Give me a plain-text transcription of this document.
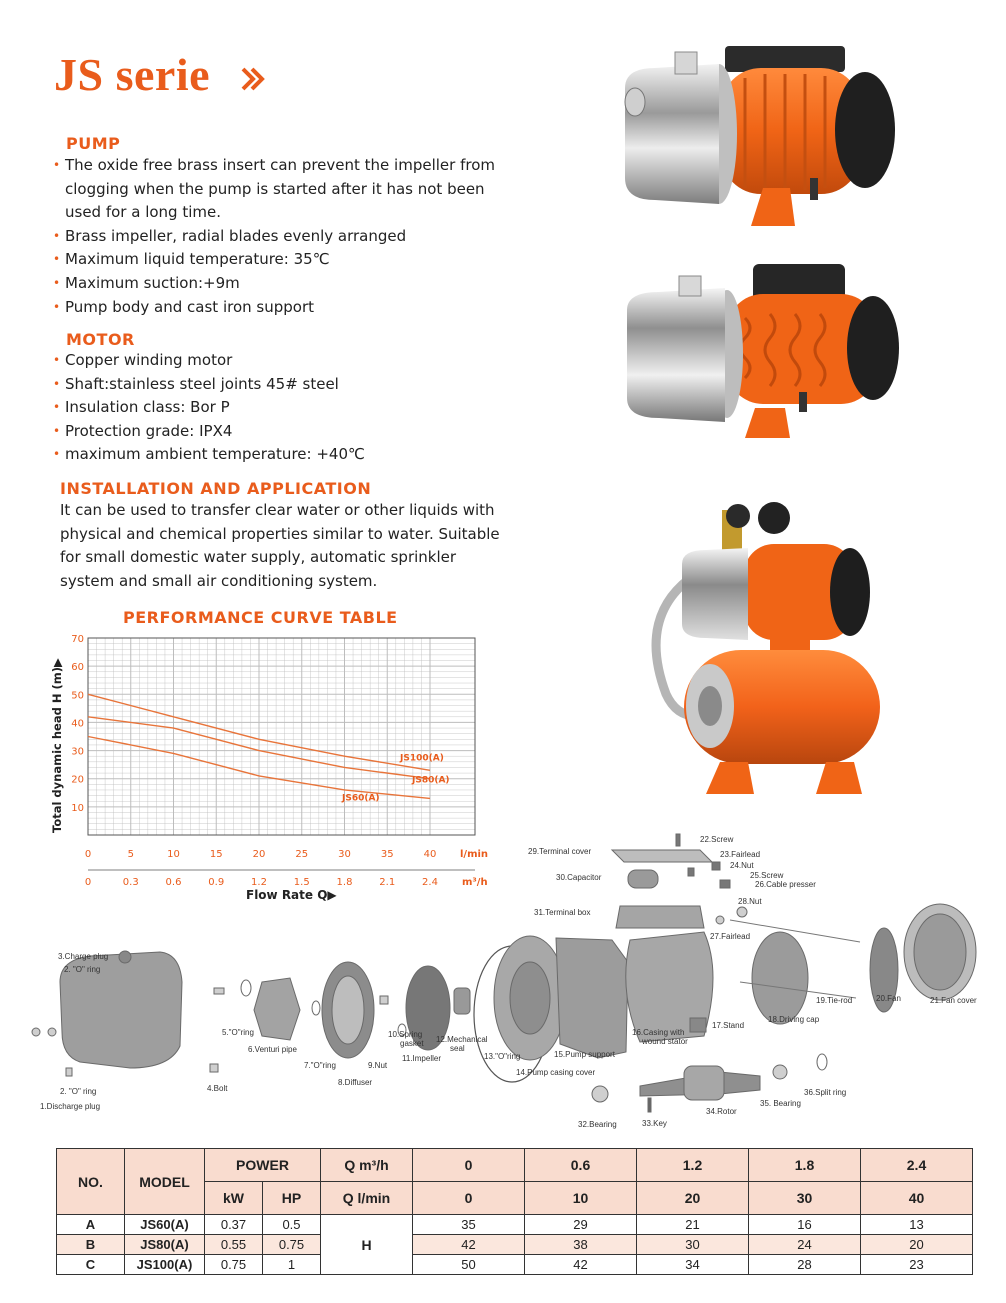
JS serie
PUMP
• The oxide free brass insert can prevent the impeller from
clogging when the pump is started after it has not been
used for a long time.
• Brass impeller, radial blades evenly arranged
• Maximum liquid temperature: 35℃
• Maximum suction:+9m
• Pump body and cast iron support
MOTOR
• Copper winding motor
• Shaft:stainless steel joints 45# steel
• Insulation class: Bor P
• Protection grade: IPX4
• maximum ambient temperature: +40℃
INSTALLATION AND APPLICATION
It can be used to transfer clear water or other liquids with
physical and chemical properties similar to water. Suitable
for small domestic water supply, automatic sprinkler
system and small air conditioning system.
PERFORMANCE CURVE TABLE
JS100(A)
JS80(A)
JS60(A)
10
20
30
40
50
60
70
0	5	10	15	20	25	30	35	40 l/min
0	0.3	0.6	0.9	1.2	1.5	1.8	2.1	2.4 m³/h
Total dynamic head H (m)▶
Flow Rate Q▶
29.Terminal cover
22.Screw
23.Fairlead
24.Nut
25.Screw
26.Cable presser
30.Capacitor
31.Terminal box
28.Nut
27.Fairlead
3.Charge plug
2. "O" ring
5."O"ring
6.Venturi pipe
10.Spring
gasket 12.Mechanical
seal
11.Impeller	13."O"ring
16.Casing with
wound stator
17.Stand
18.Driving cap
19.Tie-rod	20.Fan	21.Fan cover
7."O"ring	9.Nut
8.Diffuser
15.Pump support
14.Pump casing cover
4.Bolt
2. "O" ring
1.Discharge plug
36.Split ring
34.Rotor
35. Bearing
32.Bearing	33.Key
NO.	MODEL	POWER		Q m³/h	0	0.6	1.2	1.8	2.4
		kW	HP	Q l/min	0	10	20	30	40
A	JS60(A)	0.37	0.5	H	35	29	21	16	13
B	JS80(A)	0.55	0.75		42	38	30	24	20
C	JS100(A)	0.75	1		50	42	34	28	23
